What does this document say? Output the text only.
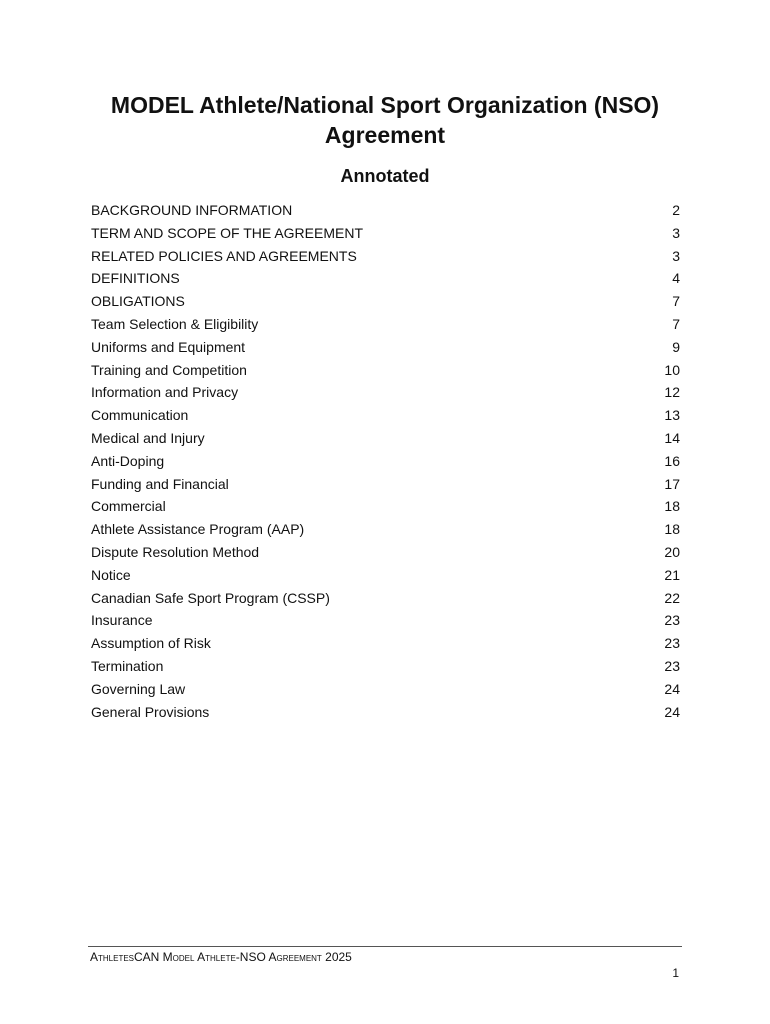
MODEL Athlete/National Sport Organization (NSO) Agreement
Annotated
BACKGROUND INFORMATION	2
TERM AND SCOPE OF THE AGREEMENT	3
RELATED POLICIES AND AGREEMENTS	3
DEFINITIONS	4
OBLIGATIONS	7
Team Selection & Eligibility	7
Uniforms and Equipment	9
Training and Competition	10
Information and Privacy	12
Communication	13
Medical and Injury	14
Anti-Doping	16
Funding and Financial	17
Commercial	18
Athlete Assistance Program (AAP)	18
Dispute Resolution Method	20
Notice	21
Canadian Safe Sport Program (CSSP)	22
Insurance	23
Assumption of Risk	23
Termination	23
Governing Law	24
General Provisions	24
AthletesCAN Model Athlete-NSO Agreement 2025
1
